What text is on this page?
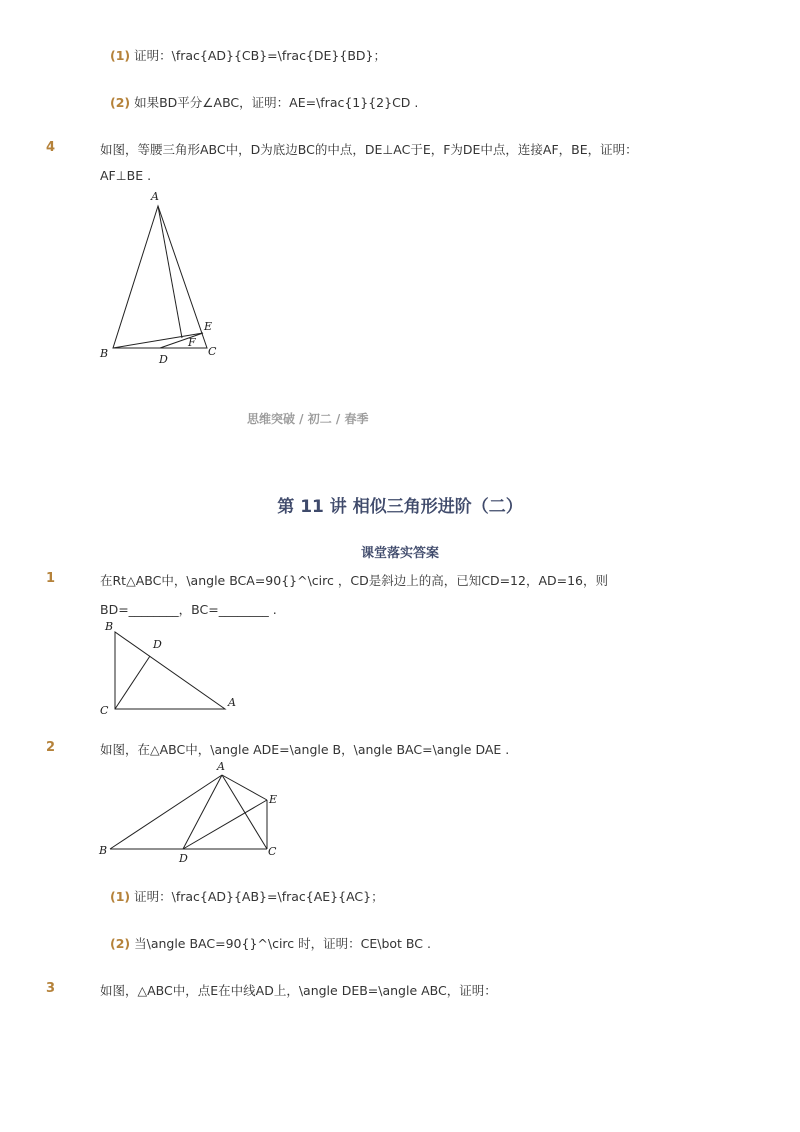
(1) 证明：\frac{AD}{CB}=\frac{DE}{BD}；
(2) 如果BD平分∠ABC，证明：AE=\frac{1}{2}CD .
4	如图，等腰三角形ABC中，D为底边BC的中点，DE⊥AC于E，F为DE中点，连接AF，BE，证明：
AF⊥BE .
A
B	C
D
E
F
思维突破 / 初二 / 春季
第 11 讲 相似三角形进阶（二）
课堂落实答案
1	在Rt△ABC中，\angle BCA=90{}^\circ ，CD是斜边上的高，已知CD=12，AD=16，则
BD=________，BC=________ .
B
C
A
D
2	如图，在△ABC中，\angle ADE=\angle B，\angle BAC=\angle DAE .
A
B	C
D
E
(1) 证明：\frac{AD}{AB}=\frac{AE}{AC}；
(2) 当\angle BAC=90{}^\circ 时，证明：CE\bot BC .
3	如图，△ABC中，点E在中线AD上，\angle DEB=\angle ABC，证明：
